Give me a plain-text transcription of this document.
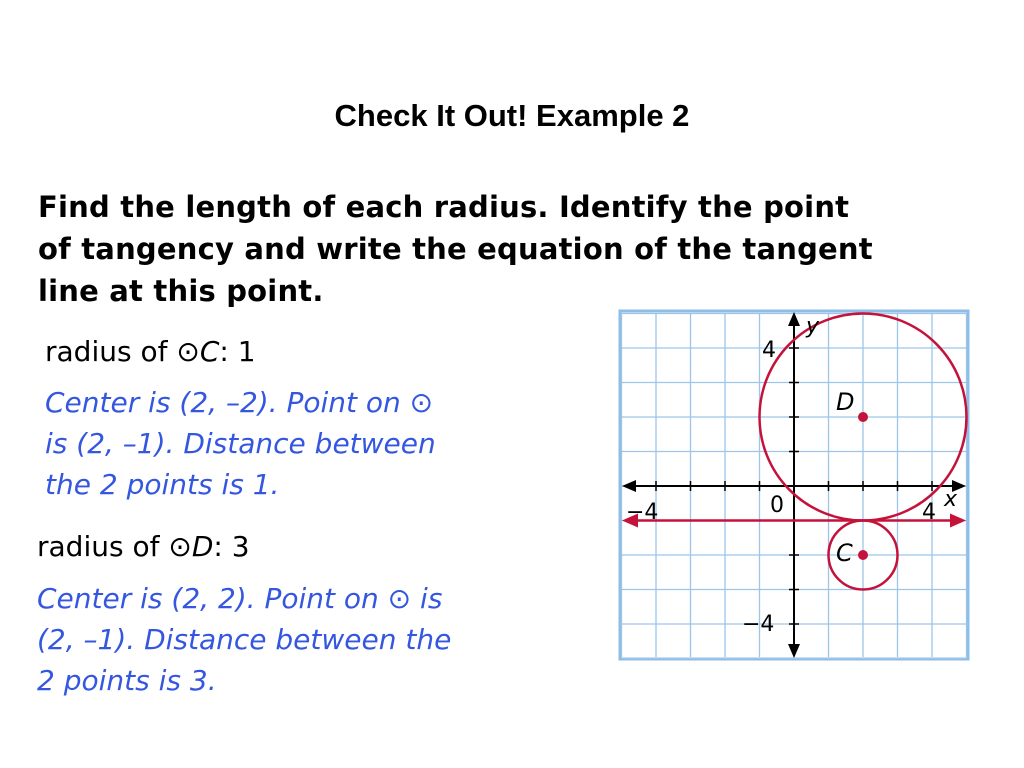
Check It Out! Example 2
Find the length of each radius. Identify the point
of tangency and write the equation of the tangent
line at this point.
radius of ⊙C: 1
Center is (2, –2). Point on ⊙
is (2, –1). Distance between
the 2 points is 1.
radius of ⊙D: 3
Center is (2, 2). Point on ⊙ is
(2, –1). Distance between the
2 points is 3.
y
x
4
−4
0
−4	4
D
C
